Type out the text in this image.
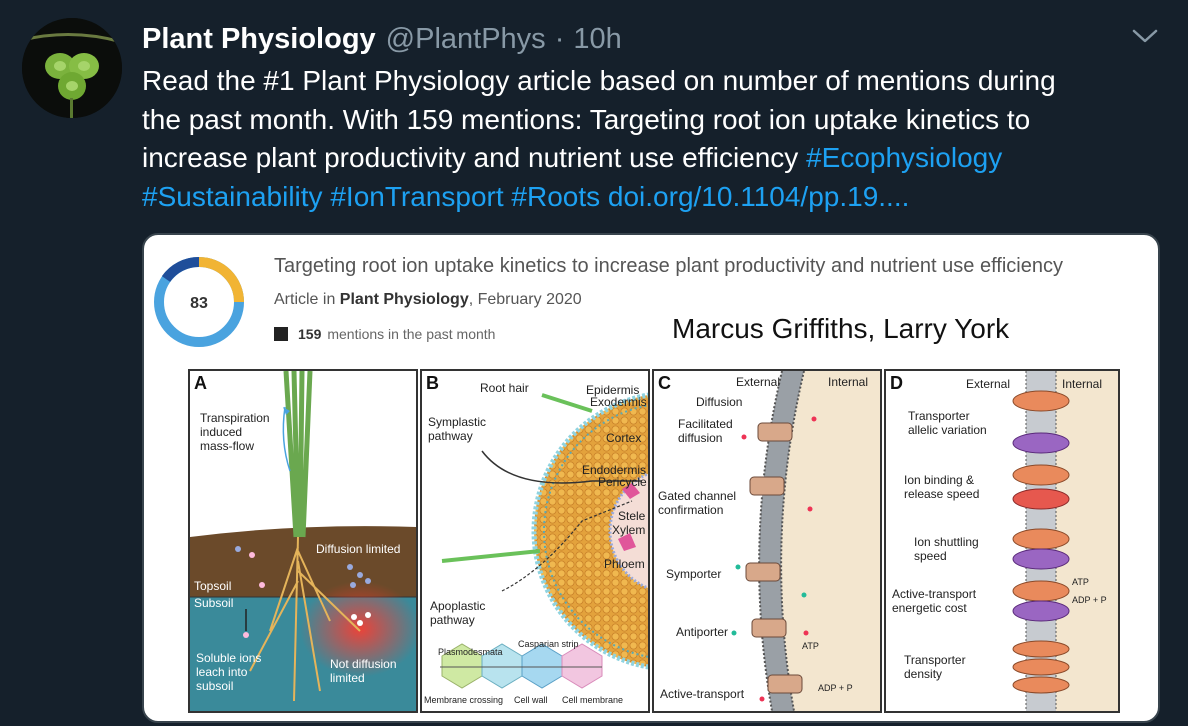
Plant Physiology @PlantPhys · 10h
Read the #1 Plant Physiology article based on number of mentions during
the past month. With 159 mentions: Targeting root ion uptake kinetics to
increase plant productivity and nutrient use efficiency #Ecophysiology
#Sustainability #IonTransport #Roots doi.org/10.1104/pp.19....
83
Targeting root ion uptake kinetics to increase plant productivity and nutrient use efficiency
Article in Plant Physiology, February 2020
159 mentions in the past month	Marcus Griffiths, Larry York
A
Transpiration
induced
mass-flow
Diffusion limited
Topsoil
Subsoil
Soluble ions
leach into
subsoil
Not diffusion
limited
B	Root hair	Epidermis
Exodermis
Symplastic
pathway	Cortex
Endodermis
Pericycle
Stele
Xylem
Phloem
Apoplastic
pathway
Plasmodesmata
Casparian strip
Membrane crossing Cell wall Cell membrane
C	External	Internal
Diffusion
Facilitated
diffusion
Gated channel
confirmation
Symporter
Antiporter
Active-transport
ATP
ADP + P
D	External	Internal
Transporter
allelic variation
Ion binding &
release speed
Ion shuttling
speed
Active-transport
energetic cost
Transporter
density
ATP
ADP + P
